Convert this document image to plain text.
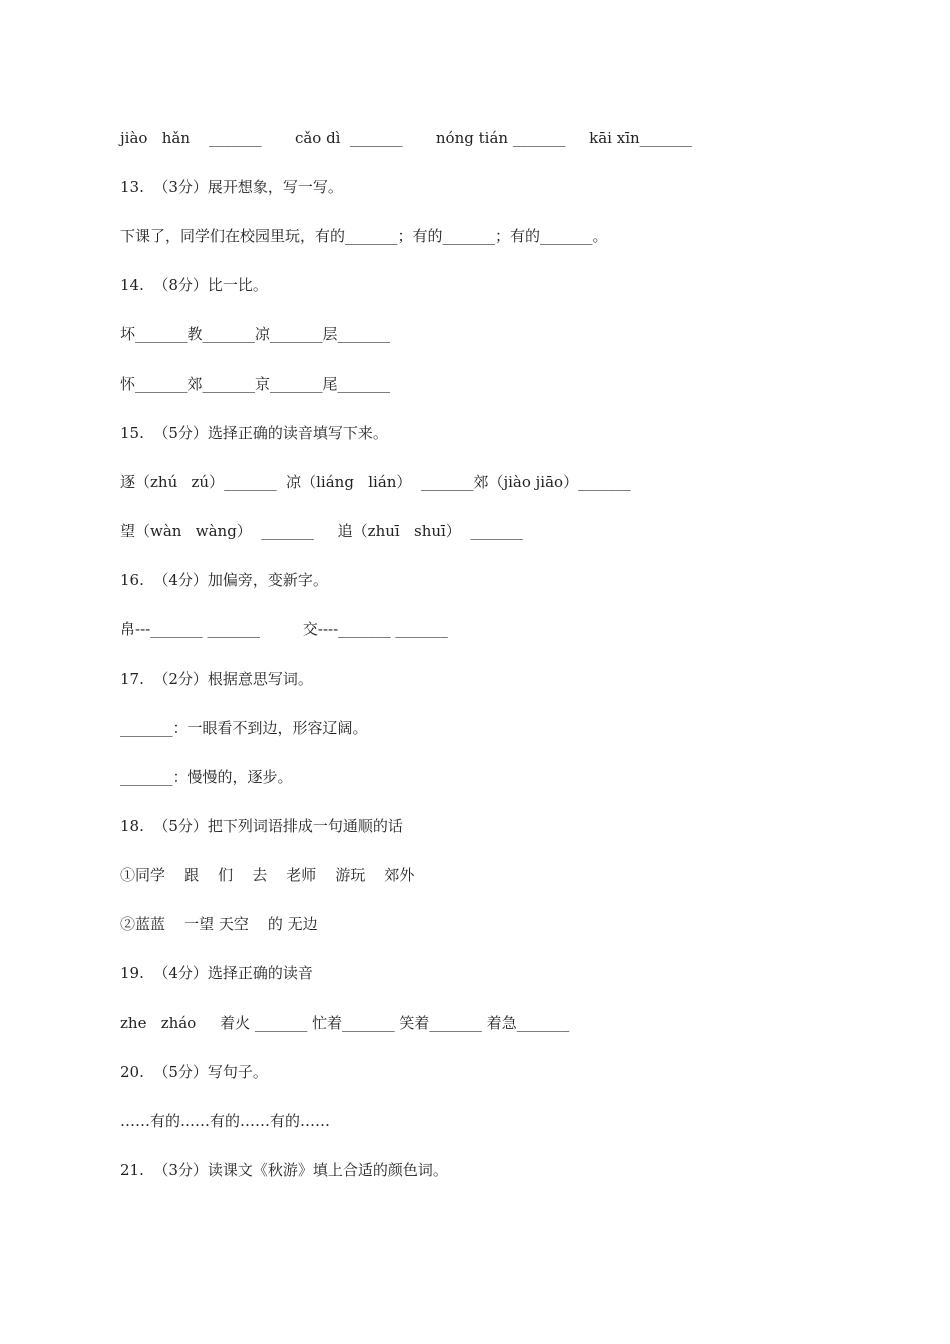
jiào   hǎn    _______       cǎo dì  _______       nóng tián _______     kāi xīn_______
13.  （3分）展开想象，写一写。
下课了，同学们在校园里玩，有的_______；有的_______；有的_______。
14.  （8分）比一比。
坏_______教_______凉_______层_______
怀_______郊_______京_______尾_______
15.  （5分）选择正确的读音填写下来。
逐（zhú   zú）_______  凉（liáng   lián）  _______郊（jiào jiāo）_______
望（wàn   wàng）  _______     追（zhuī   shuī）  _______
16.  （4分）加偏旁，变新字。
帛---_______ _______         交----_______ _______
17.  （2分）根据意思写词。
_______：一眼看不到边，形容辽阔。
_______：慢慢的，逐步。
18.  （5分）把下列词语排成一句通顺的话
①同学    跟    们    去    老师    游玩    郊外
②蓝蓝    一望 天空    的 无边
19.  （4分）选择正确的读音
zhe   zháo     着火 _______ 忙着_______ 笑着_______ 着急_______
20.  （5分）写句子。
……有的……有的……有的……
21.  （3分）读课文《秋游》填上合适的颜色词。
